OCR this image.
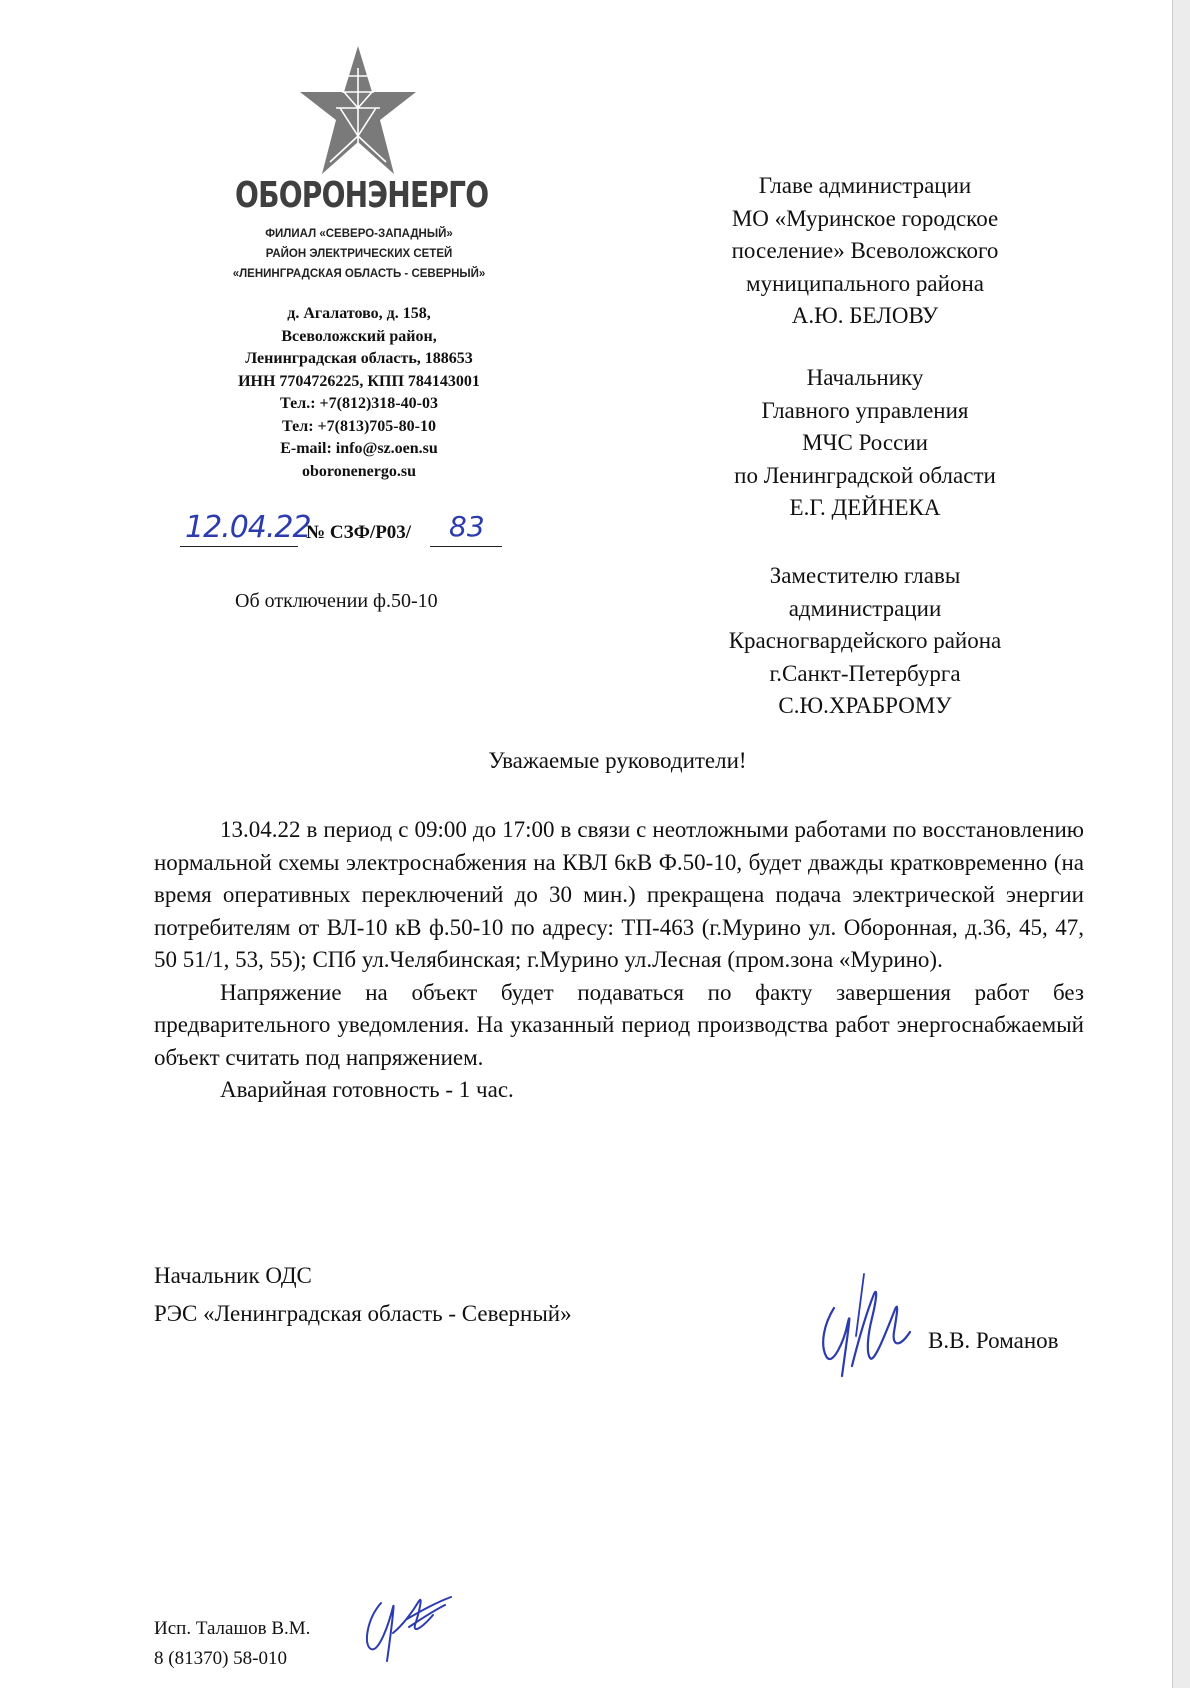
ОБОРОНЭНЕРГО
ФИЛИАЛ «СЕВЕРО-ЗАПАДНЫЙ»
РАЙОН ЭЛЕКТРИЧЕСКИХ СЕТЕЙ
«ЛЕНИНГРАДСКАЯ ОБЛАСТЬ - СЕВЕРНЫЙ»
д. Агалатово, д. 158,
Всеволожский район,
Ленинградская область, 188653
ИНН 7704726225, КПП 784143001
Тел.: +7(812)318-40-03
Тел: +7(813)705-80-10
E-mail: info@sz.oen.su
oboronenergo.su
12.04.22
№ СЗФ/Р03/ 83
Об отключении ф.50-10
Главе администрации
МО «Муринское городское
поселение» Всеволожского
муниципального района
А.Ю. БЕЛОВУ
Начальнику
Главного управления
МЧС России
по Ленинградской области
Е.Г. ДЕЙНЕКА
Заместителю главы
администрации
Красногвардейского района
г.Санкт-Петербурга
С.Ю.ХРАБРОМУ
Уважаемые руководители!

13.04.22 в период с 09:00 до 17:00 в связи с неотложными работами по восстановлению нормальной схемы электроснабжения на КВЛ 6кВ Ф.50-10, будет дважды кратковременно (на время оперативных переключений до 30 мин.) прекращена подача электрической энергии потребителям от ВЛ-10 кВ ф.50-10 по адресу: ТП-463 (г.Мурино ул. Оборонная, д.36, 45, 47, 50 51/1, 53, 55); СПб ул.Челябинская; г.Мурино ул.Лесная (пром.зона «Мурино).

Напряжение на объект будет подаваться по факту завершения работ без предварительного уведомления. На указанный период производства работ энергоснабжаемый объект считать под напряжением.

Аварийная готовность - 1 час.

Начальник ОДС
РЭС «Ленинградская область - Северный»
В.В. Романов
Исп. Талашов В.М.
8 (81370) 58-010
